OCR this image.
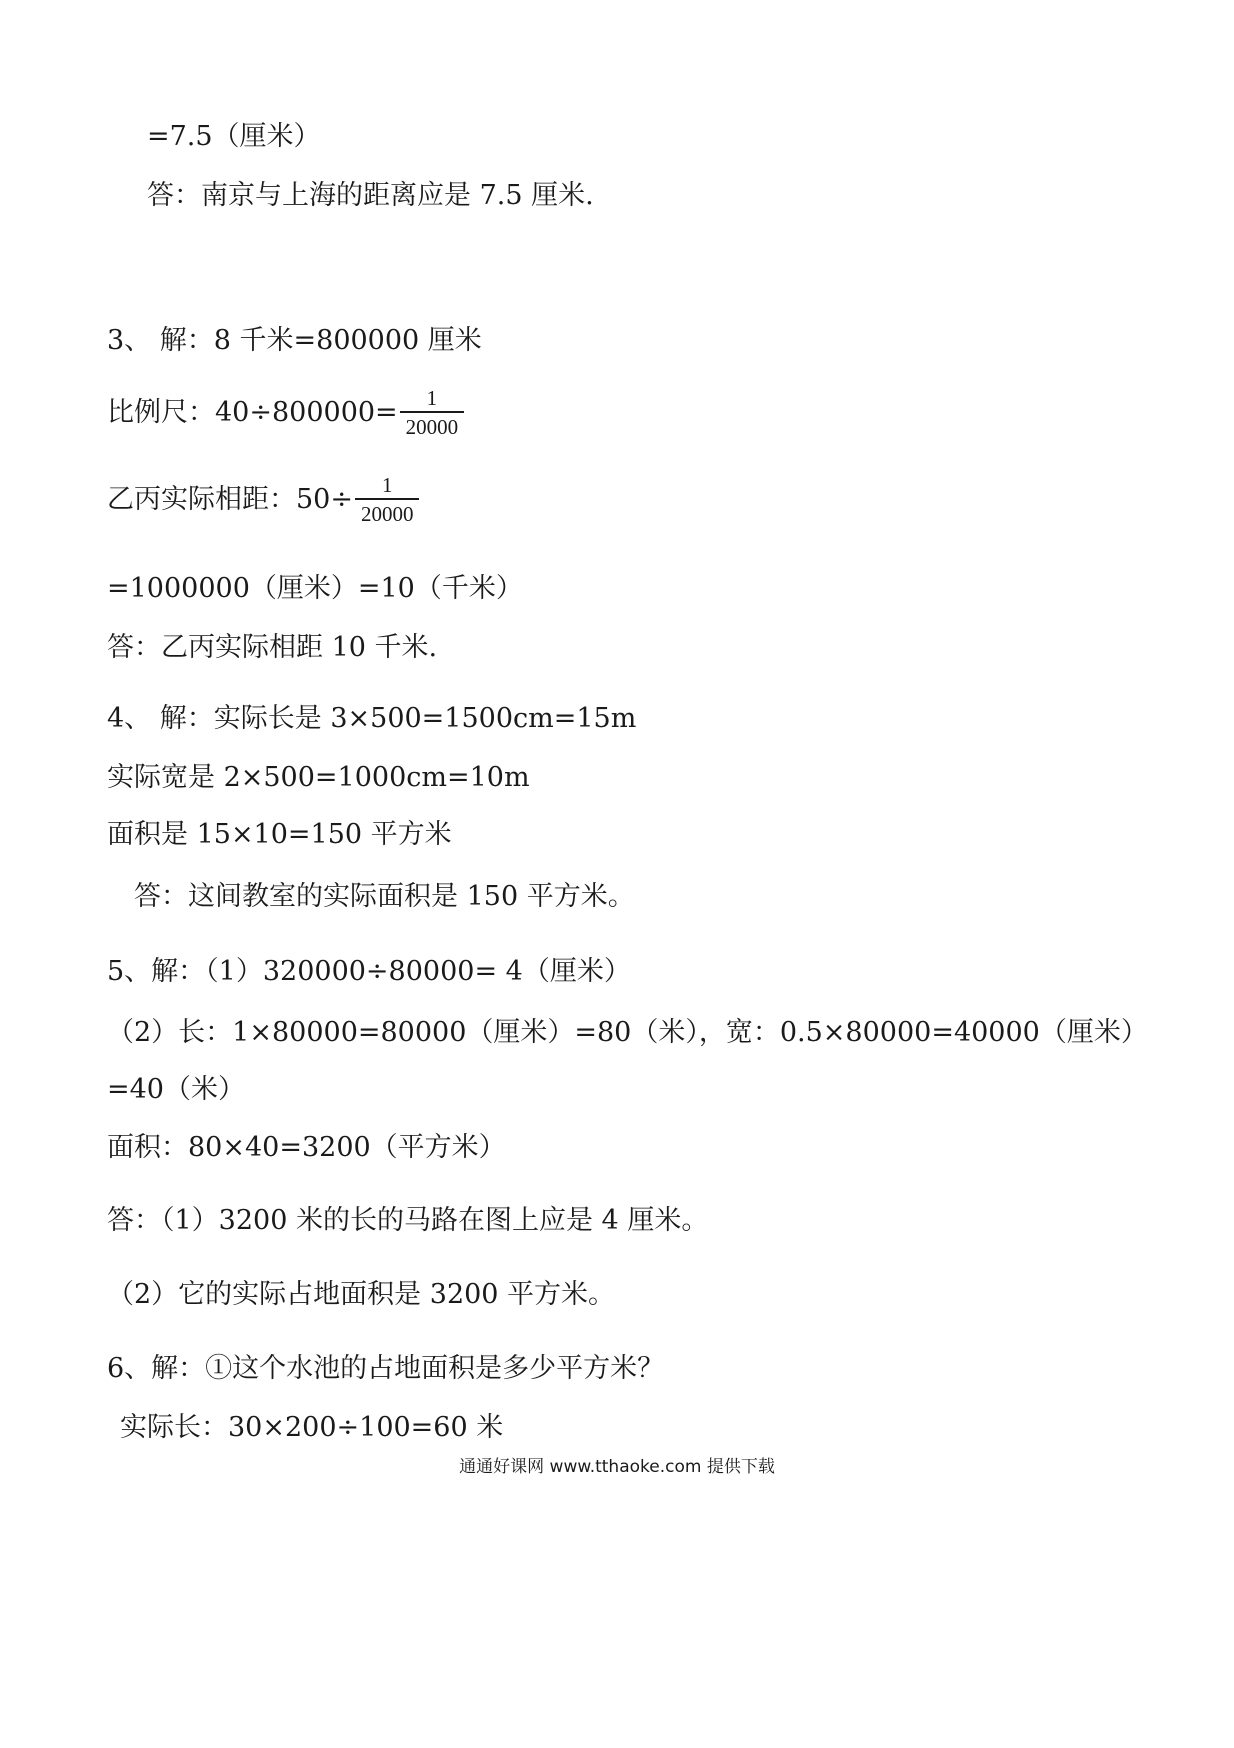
=7.5（厘米）
答：南京与上海的距离应是 7.5 厘米.
3、 解：8 千米=800000 厘米
比例尺：$40\div 800000= \frac{1}{20000}$
乙丙实际相距：$50\div \frac{1}{20000}$
=1000000（厘米）=10（千米）
答：乙丙实际相距 10 千米.
4、 解：实际长是 3×500=1500cm=15m
实际宽是 2×500=1000cm=10m
面积是 15×10=150 平方米
答：这间教室的实际面积是 150 平方米。
5、解：（1）320000÷80000= 4（厘米）
（2）长：1×80000=80000（厘米）=80（米），宽：0.5×80000=40000（厘米）
=40（米）
面积：80×40=3200（平方米）
答：（1）3200 米的长的马路在图上应是 4 厘米。
（2）它的实际占地面积是 3200 平方米。
6、解：①这个水池的占地面积是多少平方米？
实际长：30×200÷100=60 米
通通好课网 www.tthaoke.com 提供下载
